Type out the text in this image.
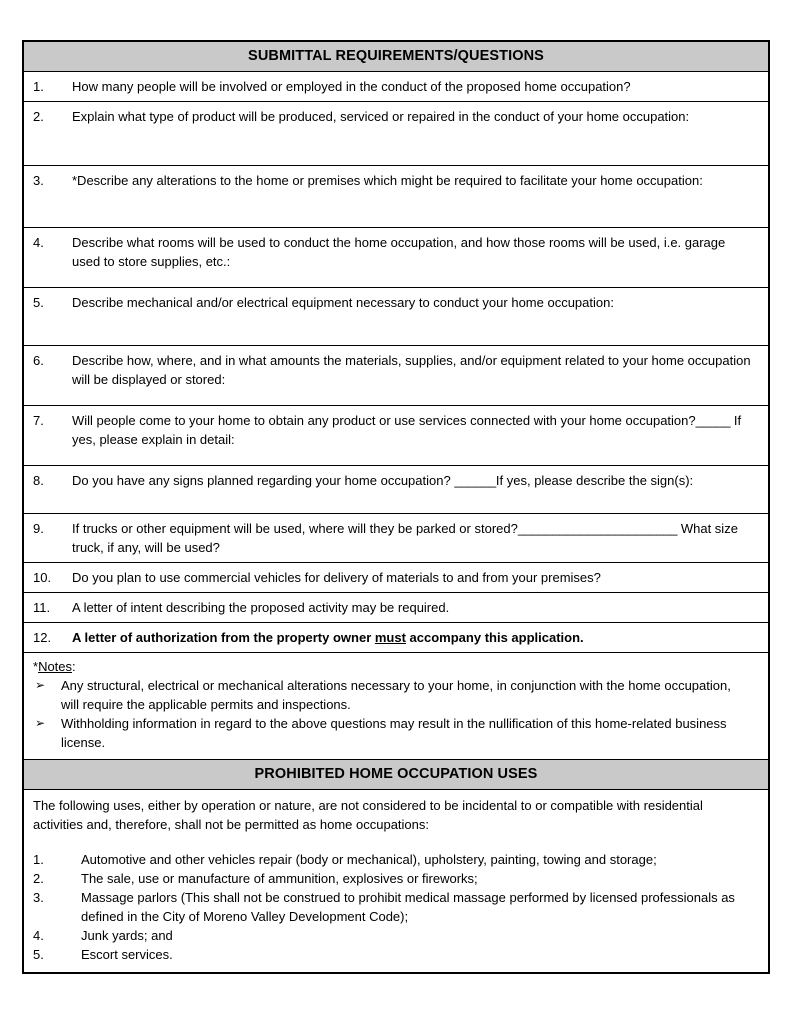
SUBMITTAL REQUIREMENTS/QUESTIONS
1.	How many people will be involved or employed in the conduct of the proposed home occupation?
2.	Explain what type of product will be produced, serviced or repaired in the conduct of your home occupation:
3.	*Describe any alterations to the home or premises which might be required to facilitate your home occupation:
4.	Describe what rooms will be used to conduct the home occupation, and how those rooms will be used, i.e. garage used to store supplies, etc.:
5.	Describe mechanical and/or electrical equipment necessary to conduct your home occupation:
6.	Describe how, where, and in what amounts the materials, supplies, and/or equipment related to your home occupation will be displayed or stored:
7.	Will people come to your home to obtain any product or use services connected with your home occupation?_____ If yes, please explain in detail:
8.	Do you have any signs planned regarding your home occupation? ______If yes, please describe the sign(s):
9.	If trucks or other equipment will be used, where will they be parked or stored?_______________________ What size truck, if any, will be used?
10.	Do you plan to use commercial vehicles for delivery of materials to and from your premises?
11.	A letter of intent describing the proposed activity may be required.
12.	A letter of authorization from the property owner must accompany this application.
*Notes:
➢	Any structural, electrical or mechanical alterations necessary to your home, in conjunction with the home occupation, will require the applicable permits and inspections.
➢	Withholding information in regard to the above questions may result in the nullification of this home-related business license.
PROHIBITED HOME OCCUPATION USES
The following uses, either by operation or nature, are not considered to be incidental to or compatible with residential activities and, therefore, shall not be permitted as home occupations:
1.	Automotive and other vehicles repair (body or mechanical), upholstery, painting, towing and storage;
2.	The sale, use or manufacture of ammunition, explosives or fireworks;
3.	Massage parlors (This shall not be construed to prohibit medical massage performed by licensed professionals as defined in the City of Moreno Valley Development Code);
4.	Junk yards; and
5.	Escort services.
